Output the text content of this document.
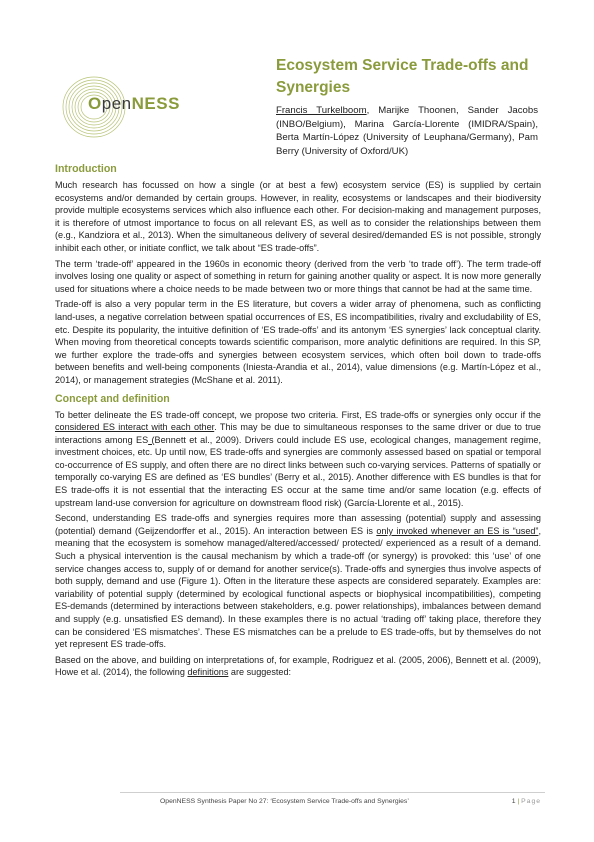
OpenNESS
Ecosystem Service Trade-offs and Synergies

Francis Turkelboom, Marijke Thoonen, Sander Jacobs (INBO/Belgium), Marina García-Llorente (IMIDRA/Spain), Berta Martín-López (University of Leuphana/Germany), Pam Berry (University of Oxford/UK)

Introduction

Much research has focussed on how a single (or at best a few) ecosystem service (ES) is supplied by certain ecosystems and/or demanded by certain groups. However, in reality, ecosystems or landscapes and their biodiversity provide multiple ecosystems services which also influence each other. For decision-making and management purposes, it is therefore of utmost importance to focus on all relevant ES, as well as to consider the relationships between them (e.g., Kandziora et al., 2013). When the simultaneous delivery of several desired/demanded ES is not possible, strongly inhibit each other, or initiate conflict, we talk about “ES trade-offs”.

The term ‘trade-off’ appeared in the 1960s in economic theory (derived from the verb ‘to trade off’). The term trade-off involves losing one quality or aspect of something in return for gaining another quality or aspect. It is now more generally used for situations where a choice needs to be made between two or more things that cannot be had at the same time.

Trade-off is also a very popular term in the ES literature, but covers a wider array of phenomena, such as conflicting land-uses, a negative correlation between spatial occurrences of ES, ES incompatibilities, rivalry and excludability of ES, etc. Despite its popularity, the intuitive definition of ‘ES trade-offs’ and its antonym ‘ES synergies’ lack conceptual clarity. When moving from theoretical concepts towards scientific comparison, more analytic definitions are required. In this SP, we further explore the trade-offs and synergies between ecosystem services, which often boil down to trade-offs between benefits and well-being components (Iniesta-Arandia et al., 2014), value dimensions (e.g. Martín-López et al., 2014), or management strategies (McShane et al. 2011).

Concept and definition

To better delineate the ES trade-off concept, we propose two criteria. First, ES trade-offs or synergies only occur if the considered ES interact with each other. This may be due to simultaneous responses to the same driver or due to true interactions among ES (Bennett et al., 2009). Drivers could include ES use, ecological changes, management regime, investment choices, etc. Up until now, ES trade-offs and synergies are commonly assessed based on spatial or temporal co-occurrence of ES supply, and often there are no direct links between such co-varying services. Patterns of spatially or temporally co-varying ES are defined as ‘ES bundles’ (Berry et al., 2015). Another difference with ES bundles is that for ES trade-offs it is not essential that the interacting ES occur at the same time and/or same location (e.g. effects of upstream land-use conversion for agriculture on downstream flood risk) (García-Llorente et al., 2015).

Second, understanding ES trade-offs and synergies requires more than assessing (potential) supply and assessing (potential) demand (Geijzendorffer et al., 2015). An interaction between ES is only invoked whenever an ES is “used”, meaning that the ecosystem is somehow managed/altered/accessed/ protected/ experienced as a result of a demand. Such a physical intervention is the causal mechanism by which a trade-off (or synergy) is provoked: this ‘use’ of one service changes access to, supply of or demand for another service(s). Trade-offs and synergies thus involve aspects of both supply, demand and use (Figure 1). Often in the literature these aspects are considered separately. Examples are: variability of potential supply (determined by ecological functional aspects or biophysical incompatibilities), competing ES-demands (determined by interactions between stakeholders, e.g. power relationships), imbalances between demand and supply (e.g. unsatisfied ES demand). In these examples there is no actual ‘trading off’ taking place, therefore they can be considered ‘ES mismatches’. These ES mismatches can be a prelude to ES trade-offs, but by themselves do not yet represent ES trade-offs.

Based on the above, and building on interpretations of, for example, Rodriguez et al. (2005, 2006), Bennett et al. (2009), Howe et al. (2014), the following definitions are suggested:

OpenNESS Synthesis Paper No 27: ‘Ecosystem Service Trade-offs and Synergies’	1 | Page
